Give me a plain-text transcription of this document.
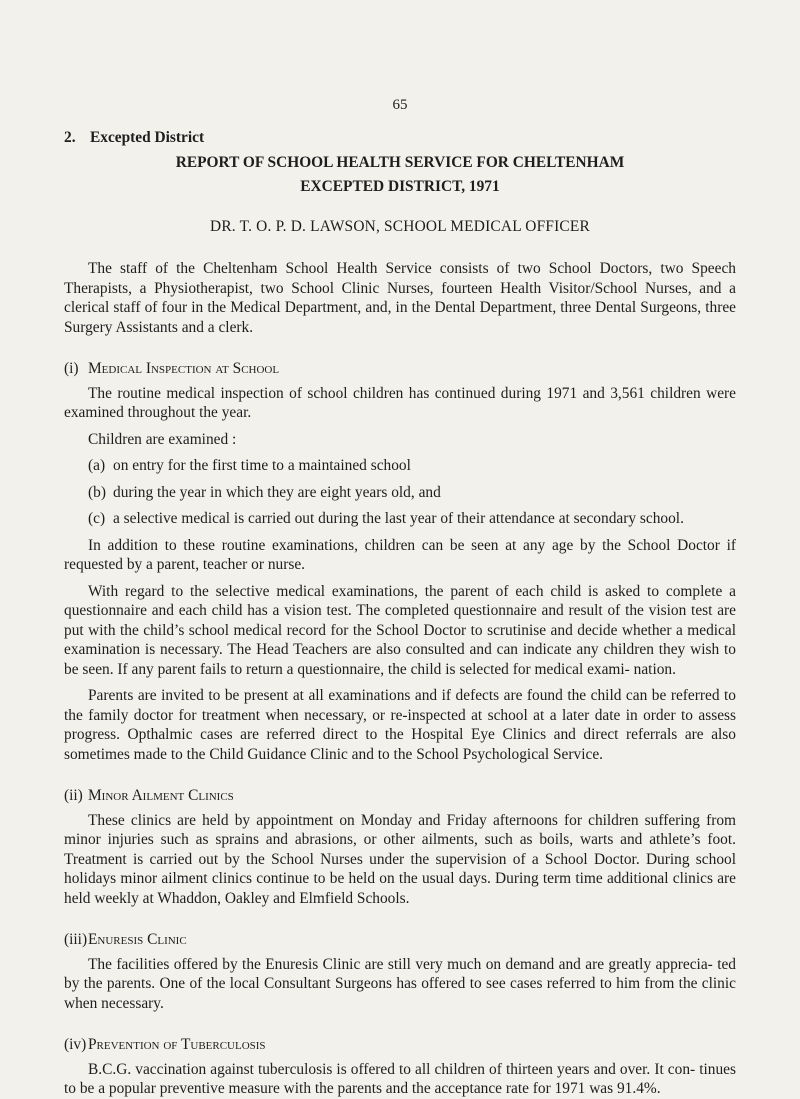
65
2. Excepted District

REPORT OF SCHOOL HEALTH SERVICE FOR CHELTENHAM

EXCEPTED DISTRICT, 1971

DR. T. O. P. D. LAWSON, SCHOOL MEDICAL OFFICER

The staff of the Cheltenham School Health Service consists of two School Doctors, two Speech Therapists, a Physiotherapist, two School Clinic Nurses, fourteen Health Visitor/School Nurses, and a clerical staff of four in the Medical Department, and, in the Dental Department, three Dental Surgeons, three Surgery Assistants and a clerk.

(i) Medical Inspection at School

The routine medical inspection of school children has continued during 1971 and 3,561 children were examined throughout the year.

Children are examined :

(a) on entry for the first time to a maintained school
(b) during the year in which they are eight years old, and
(c) a selective medical is carried out during the last year of their attendance at secondary school.

In addition to these routine examinations, children can be seen at any age by the School Doctor if requested by a parent, teacher or nurse.

With regard to the selective medical examinations, the parent of each child is asked to complete a questionnaire and each child has a vision test. The completed questionnaire and result of the vision test are put with the child’s school medical record for the School Doctor to scrutinise and decide whether a medical examination is necessary. The Head Teachers are also consulted and can indicate any children they wish to be seen. If any parent fails to return a questionnaire, the child is selected for medical exami- nation.

Parents are invited to be present at all examinations and if defects are found the child can be referred to the family doctor for treatment when necessary, or re-inspected at school at a later date in order to assess progress. Opthalmic cases are referred direct to the Hospital Eye Clinics and direct referrals are also sometimes made to the Child Guidance Clinic and to the School Psychological Service.

(ii) Minor Ailment Clinics

These clinics are held by appointment on Monday and Friday afternoons for children suffering from minor injuries such as sprains and abrasions, or other ailments, such as boils, warts and athlete’s foot. Treatment is carried out by the School Nurses under the supervision of a School Doctor. During school holidays minor ailment clinics continue to be held on the usual days. During term time additional clinics are held weekly at Whaddon, Oakley and Elmfield Schools.

(iii)Enuresis Clinic

The facilities offered by the Enuresis Clinic are still very much on demand and are greatly apprecia- ted by the parents. One of the local Consultant Surgeons has offered to see cases referred to him from the clinic when necessary.

(iv) Prevention of Tuberculosis

B.C.G. vaccination against tuberculosis is offered to all children of thirteen years and over. It con- tinues to be a popular preventive measure with the parents and the acceptance rate for 1971 was 91.4%.
